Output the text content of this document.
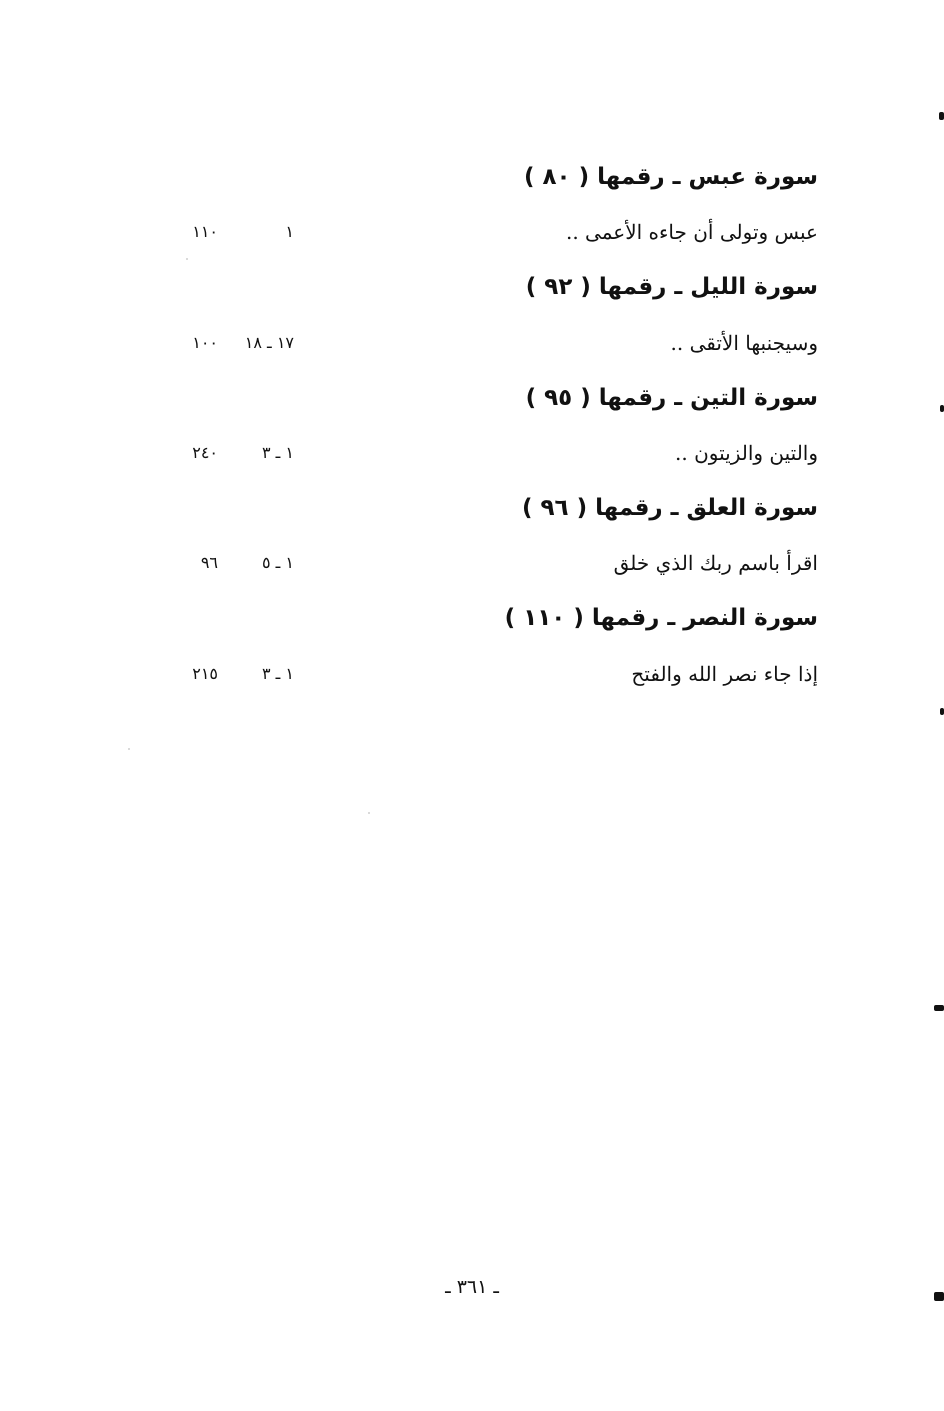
سورة عبس ـ رقمها ( ٨٠ )
عبس وتولى أن جاءه الأعمى ..
١
١١٠
سورة الليل ـ رقمها ( ٩٢ )
وسيجنبها الأتقى ..
١٧ ـ ١٨
١٠٠
سورة التين ـ رقمها ( ٩٥ )
والتين والزيتون ..
١ ـ ٣
٢٤٠
سورة العلق ـ رقمها ( ٩٦ )
اقرأ باسم ربك الذي خلق
١ ـ ٥
٩٦
سورة النصر ـ رقمها ( ١١٠ )
إذا جاء نصر الله والفتح
١ ـ ٣
٢١٥
ـ ٣٦١ ـ
